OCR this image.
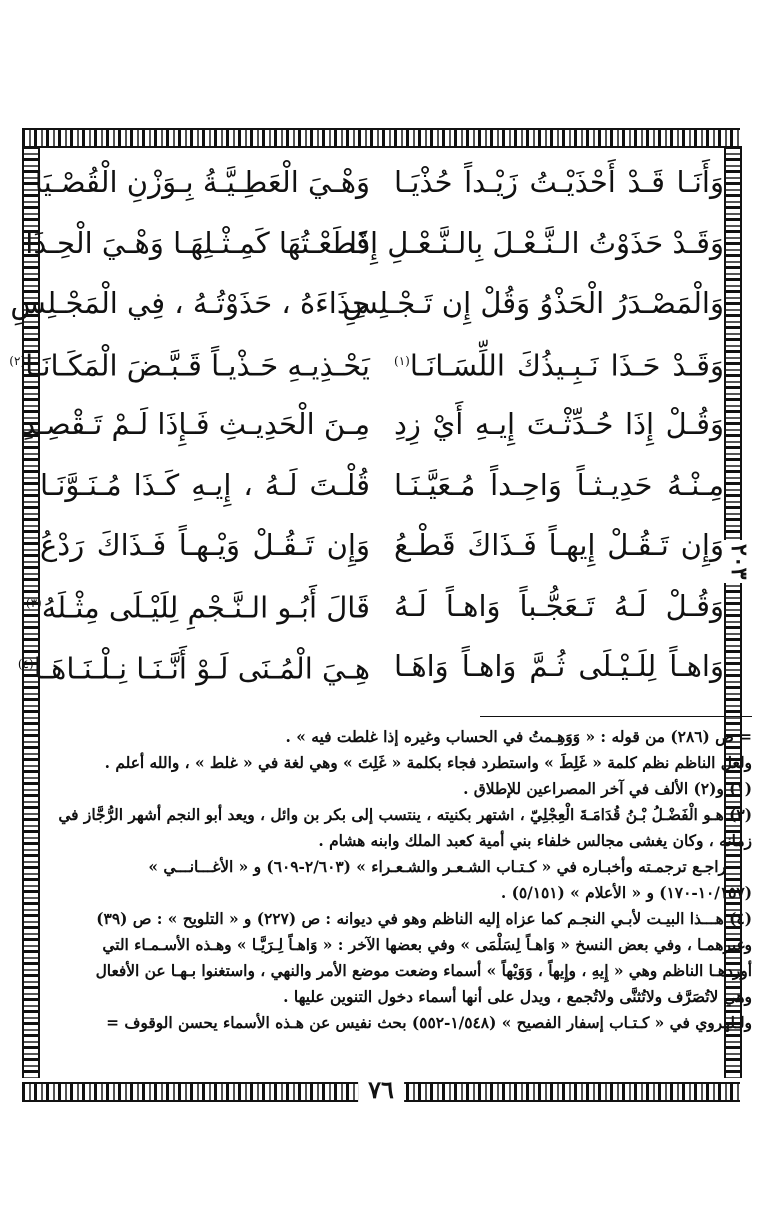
٢٠٣
وَأَنَـا قَـدْ أَحْذَيْـتُ زَيْـداً حُذْيَـا
وَهْـيَ الْعَطِـيَّـةُ بِـوَزْنِ الْقُصْـيَا
وَقَـدْ حَذَوْتُ الـنَّـعْـلَ بِالـنَّـعْـلِ إِذَا
قَطَعْـتُهَا كَمِـثْـلِهَـا وَهْـيَ الْحِـذَا
وَالْمَصْـدَرُ الْحَذْوُ وَقُلْ إِن تَـجْـلِسِ
حِذَاءَهُ ، حَذَوْتُـهُ ، فِي الْمَجْـلِسِ
وَقَـدْ حَـذَا نَـبِـيذُكَ اللِّسَـانَـا$^{(١)}$
يَحْـذِيـهِ حَـذْيـاً قَـبَّـضَ الْمَكَـانَـا$^{(٢)}$
وَقُـلْ إِذَا حُـدِّثْـتَ إِيـهِ أَيْ زِدِ
مِـنَ الْحَدِيـثِ فَـإِذَا لَـمْ تَـقْصِـدِ
مِـنْـهُ حَدِيـثـاً وَاحِـداً مُـعَيَّـنَـا
قُلْـتَ لَـهُ ، إِيـهِ كَـذَا مُـنَـوَّنَـا
وَإِن تَـقُـلْ إِيهـاً فَـذَاكَ قَطْـعُ
وَإِن تَـقُـلْ وَيْـهـاً فَـذَاكَ رَدْعُ
وَقُـلْ لَـهُ تَـعَجُّـباً وَاهـاً لَـهُ
قَالَ أَبُـو الـنَّـجْمِ لِلَيْـلَى مِثْـلَهُ$^{(٣)}$
وَاهـاً لِلَـيْـلَى ثُـمَّ وَاهـاً وَاهَـا
هِـيَ الْمُـنَى لَـوْ أَنَّـنَـا نِـلْـنَـاهَـا$^{(٤)}$

= ص (٢٨٦) من قوله : « وَوَهِـمتُ في الحساب وغيره إذا غلطت فيه » .

ولعل الناظم نظم كلمة « غَلِطَ » واستطرد فجاء بكلمة « غَلِتَ » وهي لغة في « غلط » ، والله أعلم .

(١) و(٢) الألف في آخر المصراعين للإطلاق .

(٣) هـو الْفَضْـلُ بْـنُ قُدَامَـةَ الْعِجْلِيّ ، اشتهر بكنيته ، ينتسب إلى بكر بن وائل ، ويعد أبو النجم أشهر الرُّجَّاز في

زمانه ، وكان يغشى مجالس خلفاء بني أمية كعبد الملك وابنه هشام .

راجـع ترجمـته وأخبـاره في « كـتـاب الشـعـر والشـعـراء » (٢/٦٠٣-٦٠٩) و « الأغـــانـــي »

(١٠/١٥٧-١٧٠) و « الأعلام » (٥/١٥١) .

(٤) هـــذا البيـت لأبـي النجـم كما عزاه إليه الناظم وهو في ديوانه : ص (٢٢٧) و « التلويح » : ص (٣٩)

وغيرهمـا ، وفي بعض النسخ « وَاهـاً لِسَلْمَى » وفي بعضها الآخر : « وَاهـاً لِـرَيَّـا » وهـذه الأسـمـاء التي

أوردهـا الناظم وهي « إِيهِ ، وإِيهاً ، وَوَيْهاً » أسماء وضعت موضع الأمر والنهي ، واستغنوا بـهـا عن الأفعال

وهي لاتُصَرَّف ولاتُثنَّى ولاتُجمع ، ويدل على أنها أسماء دخول التنوين عليها .

ولـلهروي في « كـتـاب إسفار الفصيح » (١/٥٤٨-٥٥٢) بحث نفيس عن هـذه الأسماء يحسن الوقوف =

٧٦
